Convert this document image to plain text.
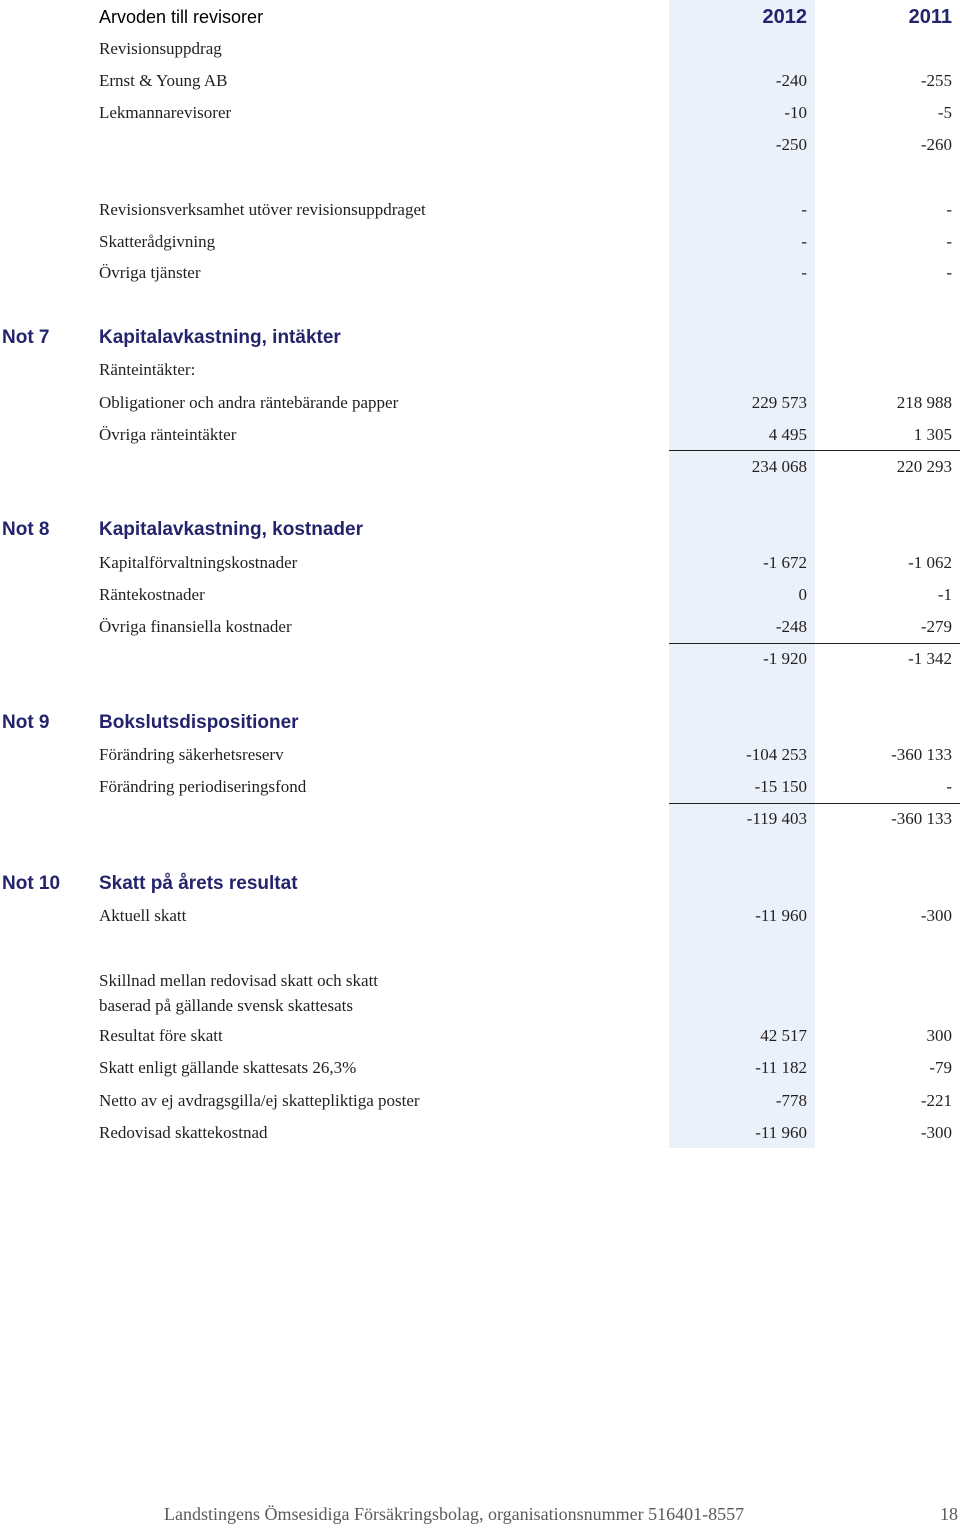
Arvoden till revisorer	2012	2011
Revisionsuppdrag
Ernst & Young AB	-240	-255
Lekmannarevisorer	-10	-5
-250	-260
Revisionsverksamhet utöver revisionsuppdraget	-	-
Skatterådgivning	-	-
Övriga tjänster	-	-
Not 7	Kapitalavkastning, intäkter
Ränteintäkter:
Obligationer och andra räntebärande papper	229 573	218 988
Övriga ränteintäkter	4 495	1 305
234 068	220 293
Not 8	Kapitalavkastning, kostnader
Kapitalförvaltningskostnader	-1 672	-1 062
Räntekostnader	0	-1
Övriga finansiella kostnader	-248	-279
-1 920	-1 342
Not 9	Bokslutsdispositioner
Förändring säkerhetsreserv	-104 253	-360 133
Förändring periodiseringsfond	-15 150	-
-119 403	-360 133
Not 10 Skatt på årets resultat
Aktuell skatt	-11 960	-300
Skillnad mellan redovisad skatt och skatt
baserad på gällande svensk skattesats
Resultat före skatt	42 517	300
Skatt enligt gällande skattesats 26,3%	-11 182	-79
Netto av ej avdragsgilla/ej skattepliktiga poster	-778	-221
Redovisad skattekostnad	-11 960	-300
Landstingens Ömsesidiga Försäkringsbolag, organisationsnummer 516401-8557	18
